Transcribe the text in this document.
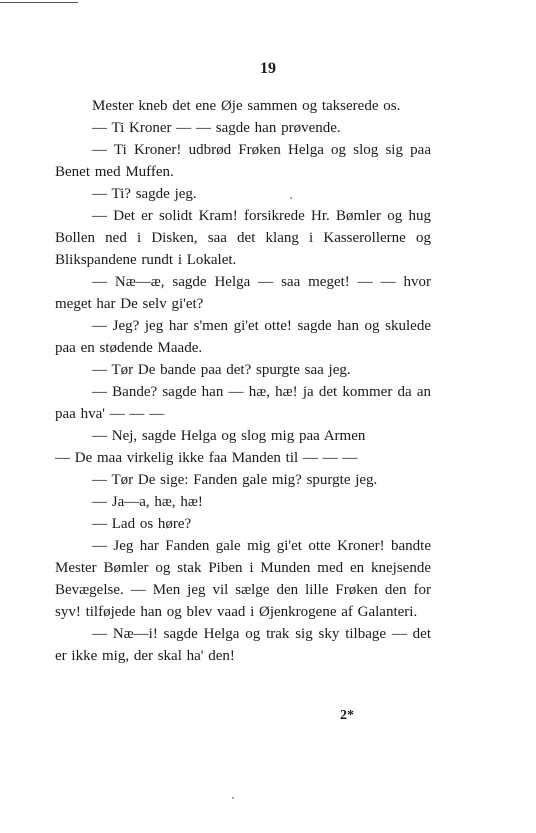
19

Mester kneb det ene Øje sammen og takserede os.

— Ti Kroner — — sagde han prøvende.

— Ti Kroner! udbrød Frøken Helga og slog sig paa Benet med Muffen.

— Ti? sagde jeg.

— Det er solidt Kram! forsikrede Hr. Bømler og hug Bollen ned i Disken, saa det klang i Kasserollerne og Blikspandene rundt i Lokalet.

— Næ—æ, sagde Helga — saa meget! — — hvor meget har De selv gi'et?

— Jeg? jeg har s'men gi'et otte! sagde han og skulede paa en stødende Maade.

— Tør De bande paa det? spurgte saa jeg.

— Bande? sagde han — hæ, hæ! ja det kommer da an paa hva' — — —

— Nej, sagde Helga og slog mig paa Armen

— De maa virkelig ikke faa Manden til — — —

— Tør De sige: Fanden gale mig? spurgte jeg.

— Ja—a, hæ, hæ!

— Lad os høre?

— Jeg har Fanden gale mig gi'et otte Kroner! bandte Mester Bømler og stak Piben i Munden med en knejsende Bevægelse. — Men jeg vil sælge den lille Frøken den for syv! tilføjede han og blev vaad i Øjenkrogene af Galanteri.

— Næ—i! sagde Helga og trak sig sky tilbage — det er ikke mig, der skal ha' den!

2*
